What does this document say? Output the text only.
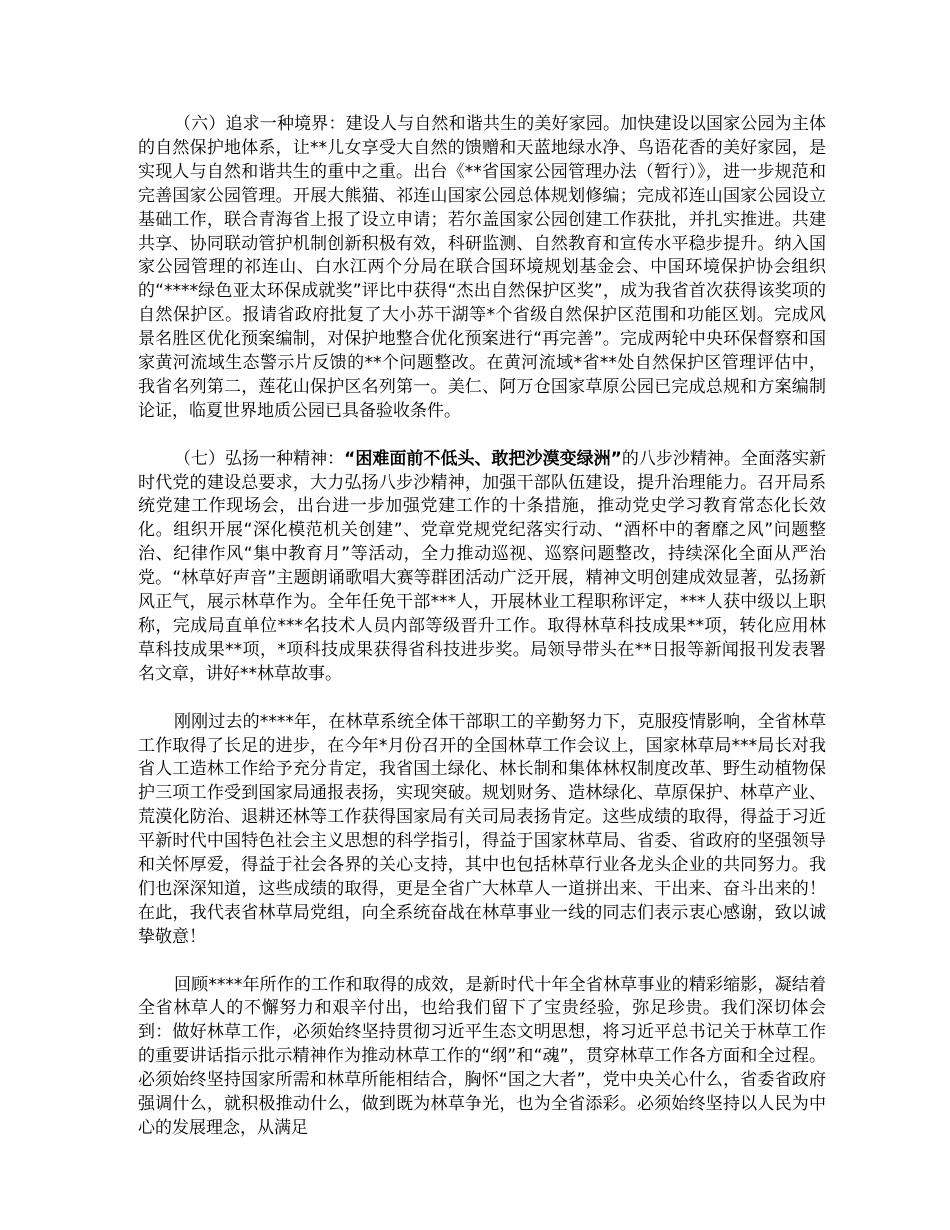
（六）追求一种境界：建设人与自然和谐共生的美好家园。加快建设以国家公园为主体的自然保护地体系，让**儿女享受大自然的馈赠和天蓝地绿水净、鸟语花香的美好家园，是实现人与自然和谐共生的重中之重。出台《**省国家公园管理办法（暂行）》，进一步规范和完善国家公园管理。开展大熊猫、祁连山国家公园总体规划修编；完成祁连山国家公园设立基础工作，联合青海省上报了设立申请；若尔盖国家公园创建工作获批，并扎实推进。共建共享、协同联动管护机制创新积极有效，科研监测、自然教育和宣传水平稳步提升。纳入国家公园管理的祁连山、白水江两个分局在联合国环境规划基金会、中国环境保护协会组织的“****绿色亚太环保成就奖”评比中获得“杰出自然保护区奖”，成为我省首次获得该奖项的自然保护区。报请省政府批复了大小苏干湖等*个省级自然保护区范围和功能区划。完成风景名胜区优化预案编制，对保护地整合优化预案进行“再完善”。完成两轮中央环保督察和国家黄河流域生态警示片反馈的**个问题整改。在黄河流域*省**处自然保护区管理评估中，我省名列第二，莲花山保护区名列第一。美仁、阿万仓国家草原公园已完成总规和方案编制论证，临夏世界地质公园已具备验收条件。

（七）弘扬一种精神：“困难面前不低头、敢把沙漠变绿洲”的八步沙精神。全面落实新时代党的建设总要求，大力弘扬八步沙精神，加强干部队伍建设，提升治理能力。召开局系统党建工作现场会，出台进一步加强党建工作的十条措施，推动党史学习教育常态化长效化。组织开展“深化模范机关创建”、党章党规党纪落实行动、“酒杯中的奢靡之风”问题整治、纪律作风“集中教育月”等活动，全力推动巡视、巡察问题整改，持续深化全面从严治党。“林草好声音”主题朗诵歌唱大赛等群团活动广泛开展，精神文明创建成效显著，弘扬新风正气，展示林草作为。全年任免干部***人，开展林业工程职称评定，***人获中级以上职称，完成局直单位***名技术人员内部等级晋升工作。取得林草科技成果**项，转化应用林草科技成果**项，*项科技成果获得省科技进步奖。局领导带头在**日报等新闻报刊发表署名文章，讲好**林草故事。

刚刚过去的****年，在林草系统全体干部职工的辛勤努力下，克服疫情影响，全省林草工作取得了长足的进步，在今年*月份召开的全国林草工作会议上，国家林草局***局长对我省人工造林工作给予充分肯定，我省国土绿化、林长制和集体林权制度改革、野生动植物保护三项工作受到国家局通报表扬，实现突破。规划财务、造林绿化、草原保护、林草产业、荒漠化防治、退耕还林等工作获得国家局有关司局表扬肯定。这些成绩的取得，得益于习近平新时代中国特色社会主义思想的科学指引，得益于国家林草局、省委、省政府的坚强领导和关怀厚爱，得益于社会各界的关心支持，其中也包括林草行业各龙头企业的共同努力。我们也深深知道，这些成绩的取得，更是全省广大林草人一道拼出来、干出来、奋斗出来的！在此，我代表省林草局党组，向全系统奋战在林草事业一线的同志们表示衷心感谢，致以诚挚敬意！

回顾****年所作的工作和取得的成效，是新时代十年全省林草事业的精彩缩影，凝结着全省林草人的不懈努力和艰辛付出，也给我们留下了宝贵经验，弥足珍贵。我们深切体会到：做好林草工作，必须始终坚持贯彻习近平生态文明思想，将习近平总书记关于林草工作的重要讲话指示批示精神作为推动林草工作的“纲”和“魂”，贯穿林草工作各方面和全过程。必须始终坚持国家所需和林草所能相结合，胸怀“国之大者”，党中央关心什么，省委省政府强调什么，就积极推动什么，做到既为林草争光，也为全省添彩。必须始终坚持以人民为中心的发展理念，从满足
